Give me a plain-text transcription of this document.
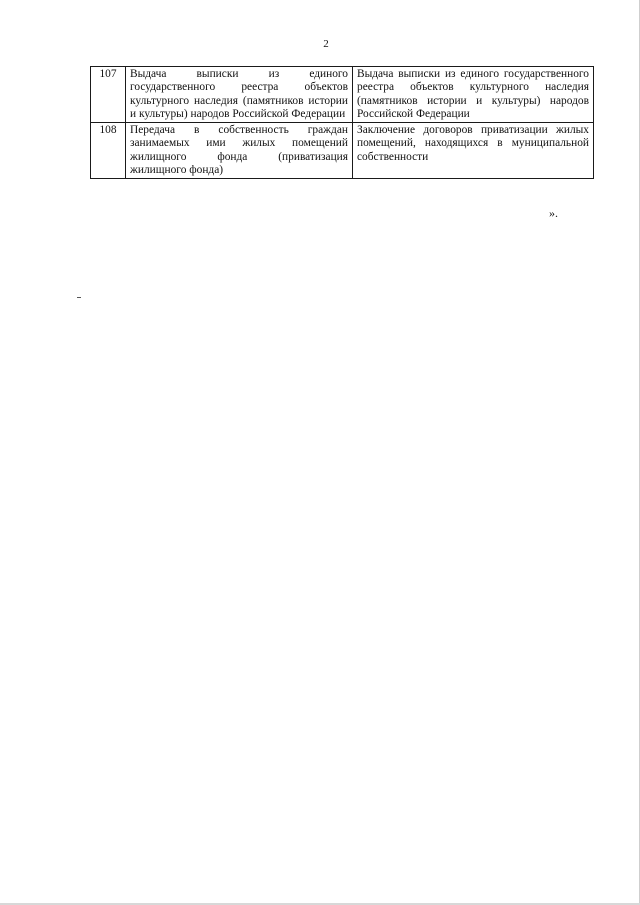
2
107	Выдача выписки из единого государственного реестра объектов культурного наследия (памятников истории и культуры) народов Российской Федерации	Выдача выписки из единого государственного реестра объектов культурного наследия (памятников истории и культуры) народов Российской Федерации
108	Передача в собственность граждан занимаемых ими жилых помещений жилищного фонда (приватизация жилищного фонда)	Заключение договоров приватизации жилых помещений, находящихся в муниципальной собственности
».
